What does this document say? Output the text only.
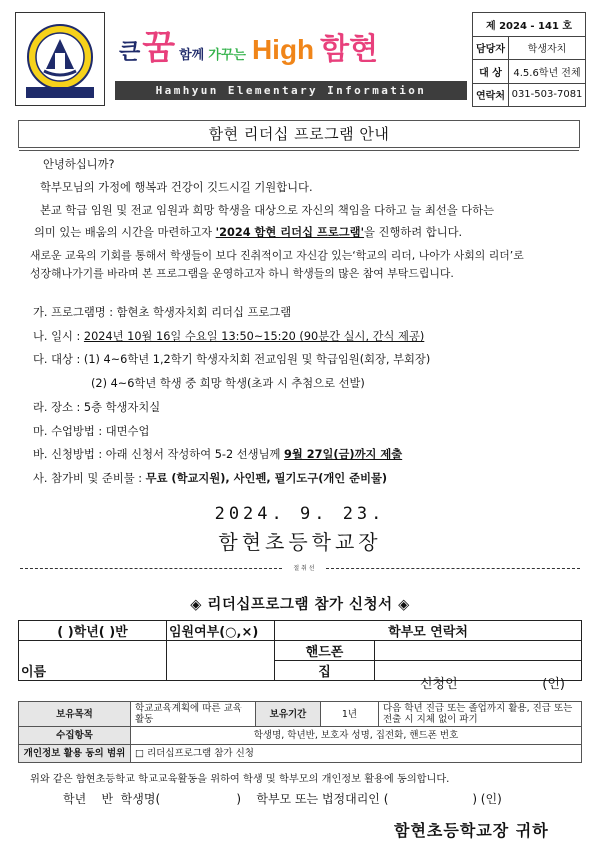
큰 꿈 함께 가꾸는 High 함현
Hamhyun Elementary Information
제 2024 - 141 호	
담당자	학생자치
대 상	4.5.6학년 전체
연락처	031-503-7081
함현 리더십 프로그램 안내
안녕하십니까?
학부모님의 가정에 행복과 건강이 깃드시길 기원합니다.
본교 학급 임원 및 전교 임원과 희망 학생을 대상으로 자신의 책임을 다하고 늘 최선을 다하는
의미 있는 배움의 시간을 마련하고자 '2024 함현 리더십 프로그램'을 진행하려 합니다.
새로운 교육의 기회를 통해서 학생들이 보다 진취적이고 자신감 있는‘학교의 리더, 나아가 사회의 리더’로
성장해나가기를 바라며 본 프로그램을 운영하고자 하니 학생들의 많은 참여 부탁드립니다.
가. 프로그램명 : 함현초 학생자치회 리더십 프로그램
나. 일시 : 2024년 10월 16일 수요일 13:50~15:20 (90분간 실시, 간식 제공)
다. 대상 : (1) 4~6학년 1,2학기 학생자치회 전교임원 및 학급임원(회장, 부회장)
(2) 4~6학년 학생 중 희망 학생(초과 시 추첨으로 선발)
라. 장소 : 5층 학생자치실
마. 수업방법 : 대면수업
바. 신청방법 : 아래 신청서 작성하여 5-2 선생님께 9월 27일(금)까지 제출
사. 참가비 및 준비물 : 무료 (학교지원), 사인펜, 필기도구(개인 준비물)
2024. 9. 23.
함현초등학교장
절 취 선
◈ 리더십프로그램 참가 신청서 ◈
( )학년( )반	임원여부(○,×)	학부모 연락처	
이름		핸드폰	
		집	
신청인	(인)
보유목적	학교교육계획에 따른 교육활동	보유기간	1년	다음 학년 진급 또는 졸업까지 활용, 진급 또는 전출 시 지체 없이 파기
수집항목	학생명, 학년반, 보호자 성명, 집전화, 핸드폰 번호			
개인정보 활용 동의 범위	□ 리더십프로그램 참가 신청			
위와 같은 함현초등학교 학교교육활동을 위하여 학생 및 학부모의 개인정보 활용에 동의합니다.
학년    반  학생명(                    )    학부모 또는 법정대리인 (                      ) (인)
함현초등학교장 귀하
